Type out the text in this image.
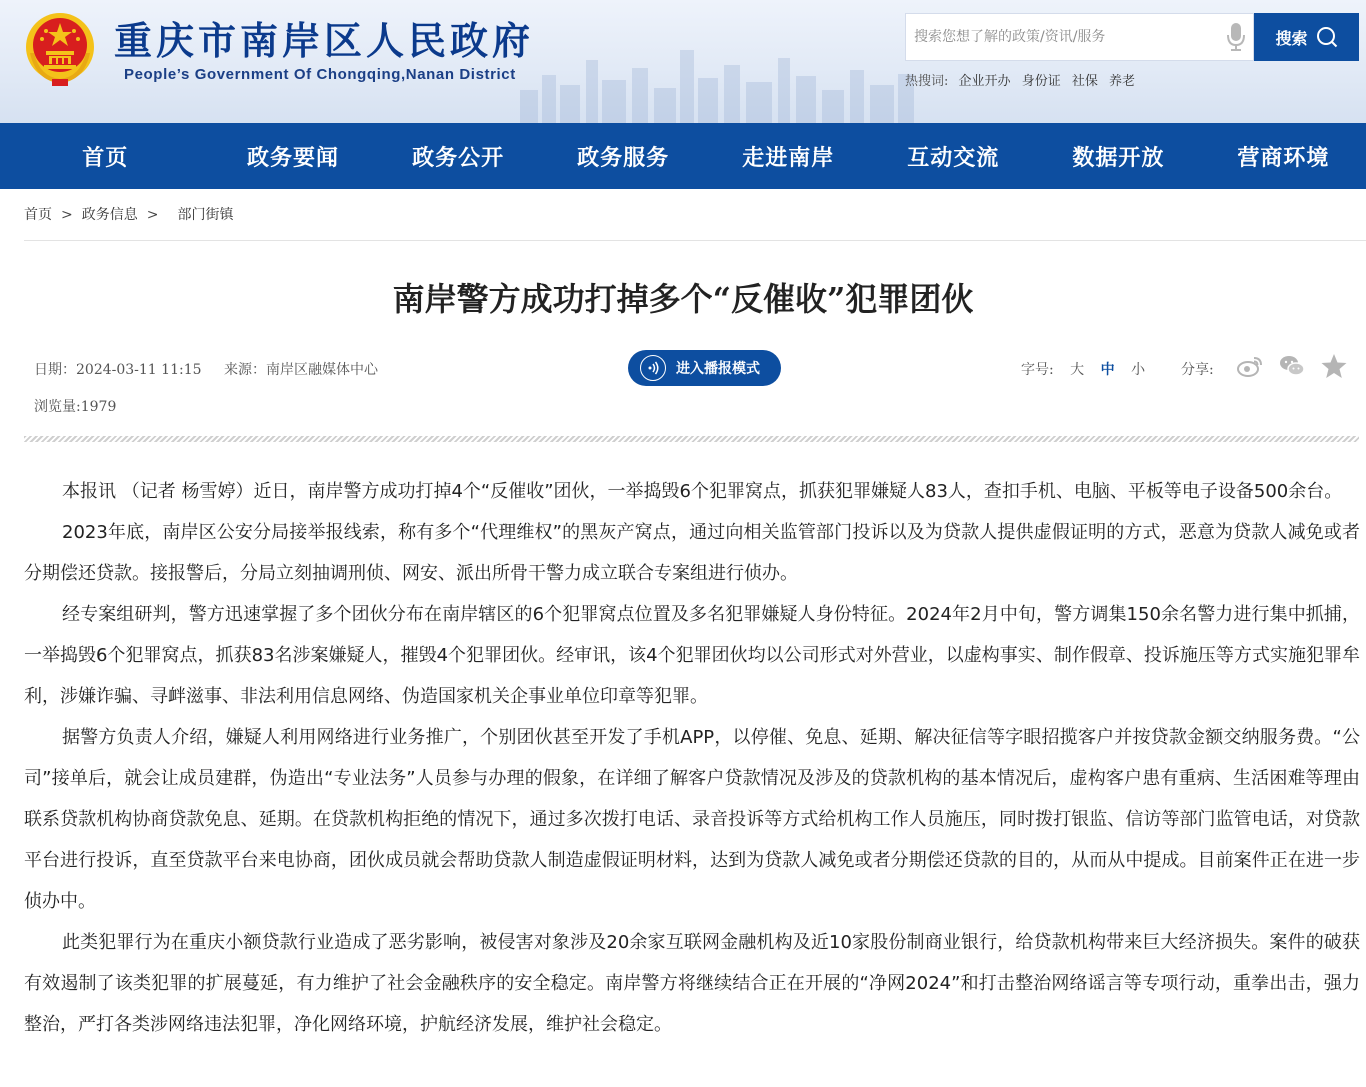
重庆市南岸区人民政府
People’s Government Of Chongqing,Nanan District
搜索您想了解的政策/资讯/服务
搜索
热搜词: 企业开办 身份证 社保 养老
首页	政务要闻	政务公开	政务服务	走进南岸	互动交流	数据开放	营商环境
首页 > 政务信息 > 部门街镇
南岸警方成功打掉多个“反催收”犯罪团伙
日期：2024-03-11 11:15 来源：南岸区融媒体中心
浏览量:1979
进入播报模式	字号: 大 中 小	分享:

本报讯 （记者 杨雪婷）近日，南岸警方成功打掉4个“反催收”团伙，一举捣毁6个犯罪窝点，抓获犯罪嫌疑人83人，查扣手机、电脑、平板等电子设备500余台。

2023年底，南岸区公安分局接举报线索，称有多个“代理维权”的黑灰产窝点，通过向相关监管部门投诉以及为贷款人提供虚假证明的方式，恶意为贷款人减免或者分期偿还贷款。接报警后，分局立刻抽调刑侦、网安、派出所骨干警力成立联合专案组进行侦办。

经专案组研判，警方迅速掌握了多个团伙分布在南岸辖区的6个犯罪窝点位置及多名犯罪嫌疑人身份特征。2024年2月中旬，警方调集150余名警力进行集中抓捕，一举捣毁6个犯罪窝点，抓获83名涉案嫌疑人，摧毁4个犯罪团伙。经审讯，该4个犯罪团伙均以公司形式对外营业，以虚构事实、制作假章、投诉施压等方式实施犯罪牟利，涉嫌诈骗、寻衅滋事、非法利用信息网络、伪造国家机关企事业单位印章等犯罪。

据警方负责人介绍，嫌疑人利用网络进行业务推广，个别团伙甚至开发了手机APP，以停催、免息、延期、解决征信等字眼招揽客户并按贷款金额交纳服务费。“公司”接单后，就会让成员建群，伪造出“专业法务”人员参与办理的假象，在详细了解客户贷款情况及涉及的贷款机构的基本情况后，虚构客户患有重病、生活困难等理由联系贷款机构协商贷款免息、延期。在贷款机构拒绝的情况下，通过多次拨打电话、录音投诉等方式给机构工作人员施压，同时拨打银监、信访等部门监管电话，对贷款平台进行投诉，直至贷款平台来电协商，团伙成员就会帮助贷款人制造虚假证明材料，达到为贷款人减免或者分期偿还贷款的目的，从而从中提成。目前案件正在进一步侦办中。

此类犯罪行为在重庆小额贷款行业造成了恶劣影响，被侵害对象涉及20余家互联网金融机构及近10家股份制商业银行，给贷款机构带来巨大经济损失。案件的破获有效遏制了该类犯罪的扩展蔓延，有力维护了社会金融秩序的安全稳定。南岸警方将继续结合正在开展的“净网2024”和打击整治网络谣言等专项行动，重拳出击，强力整治，严打各类涉网络违法犯罪，净化网络环境，护航经济发展，维护社会稳定。
